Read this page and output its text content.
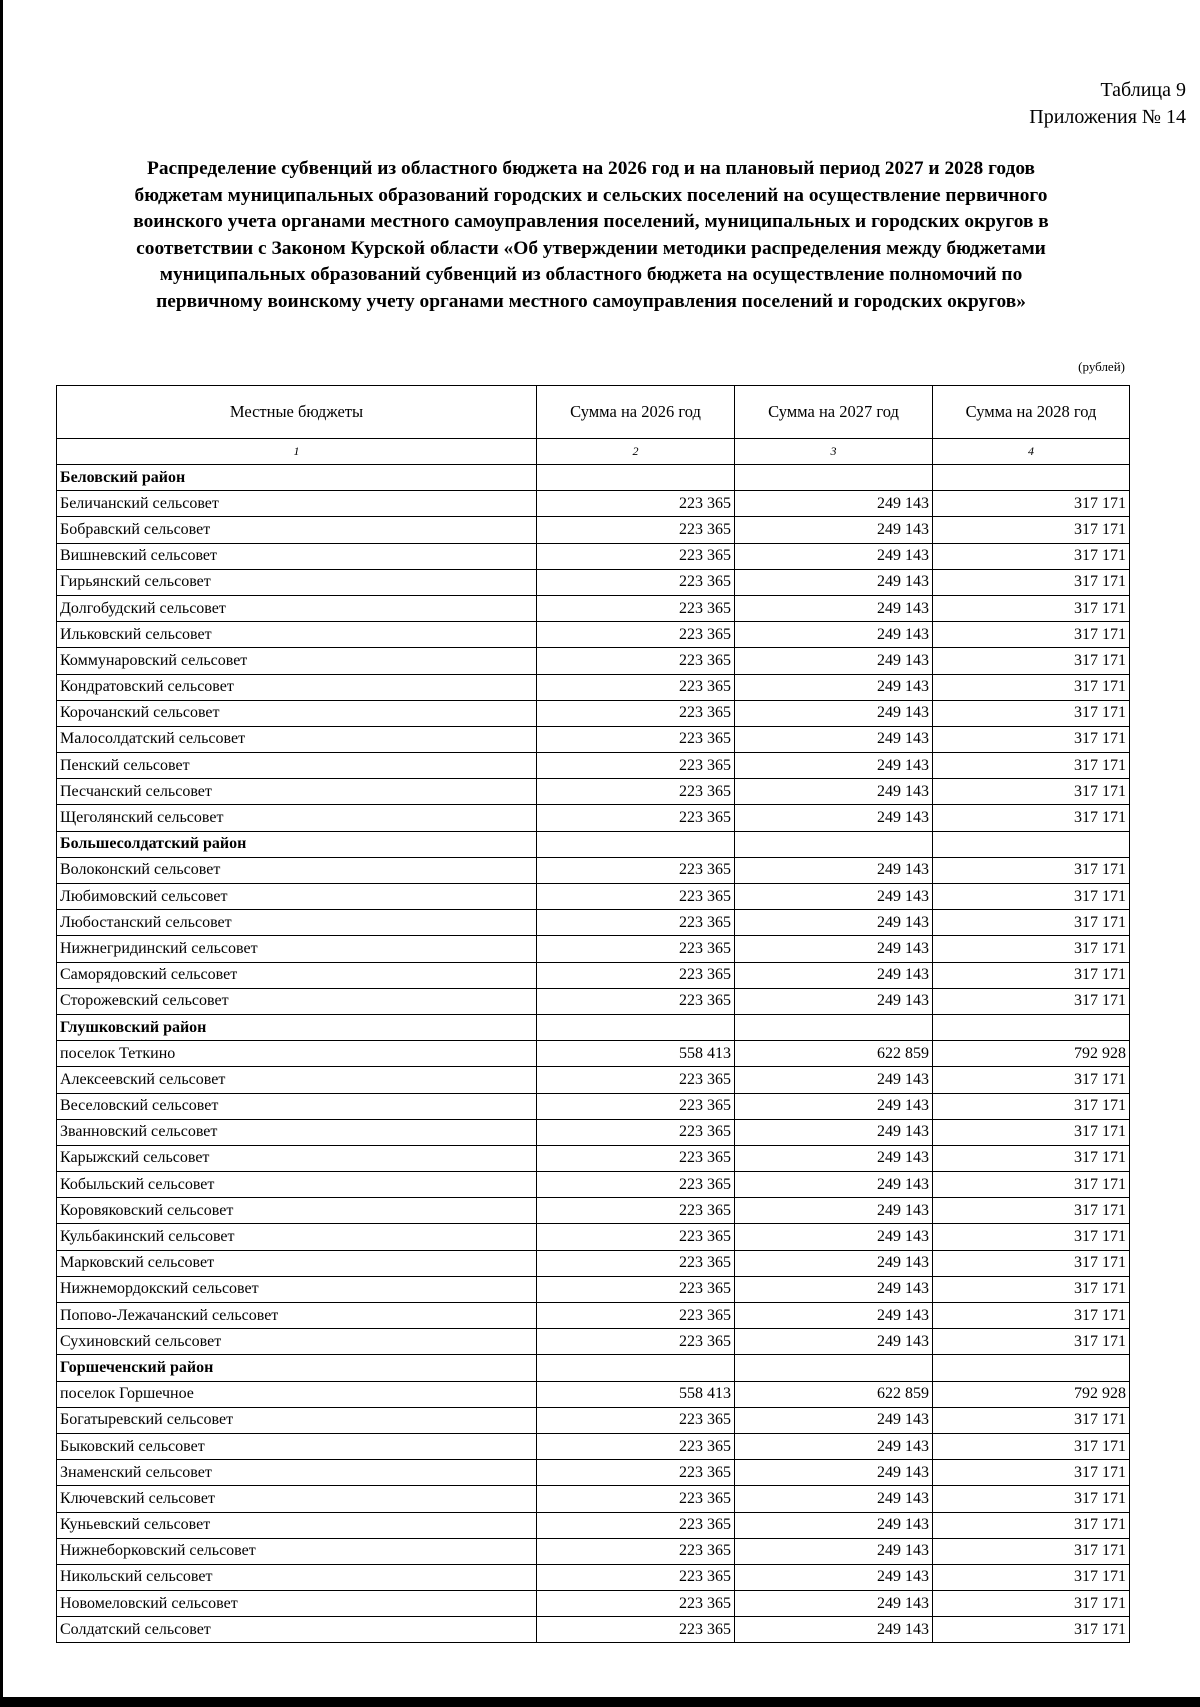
Таблица 9
Приложения № 14
Распределение субвенций из областного бюджета на 2026 год и на плановый период 2027 и 2028 годов
бюджетам муниципальных образований городских и сельских поселений на осуществление первичного
воинского учета органами местного самоуправления поселений, муниципальных и городских округов в
соответствии с Законом Курской области «Об утверждении методики распределения между бюджетами
муниципальных образований субвенций из областного бюджета на осуществление полномочий по
первичному воинскому учету органами местного самоуправления поселений и городских округов»
(рублей)
Местные бюджеты	Сумма на 2026 год	Сумма на 2027 год	Сумма на 2028 год
1	2	3	4
Беловский район			
Беличанский сельсовет	223 365	249 143	317 171
Бобравский сельсовет	223 365	249 143	317 171
Вишневский сельсовет	223 365	249 143	317 171
Гирьянский сельсовет	223 365	249 143	317 171
Долгобудский сельсовет	223 365	249 143	317 171
Ильковский сельсовет	223 365	249 143	317 171
Коммунаровский сельсовет	223 365	249 143	317 171
Кондратовский сельсовет	223 365	249 143	317 171
Корочанский сельсовет	223 365	249 143	317 171
Малосолдатский сельсовет	223 365	249 143	317 171
Пенский сельсовет	223 365	249 143	317 171
Песчанский сельсовет	223 365	249 143	317 171
Щеголянский сельсовет	223 365	249 143	317 171
Большесолдатский район			
Волоконский сельсовет	223 365	249 143	317 171
Любимовский сельсовет	223 365	249 143	317 171
Любостанский сельсовет	223 365	249 143	317 171
Нижнегридинский сельсовет	223 365	249 143	317 171
Саморядовский сельсовет	223 365	249 143	317 171
Сторожевский сельсовет	223 365	249 143	317 171
Глушковский район			
поселок Теткино	558 413	622 859	792 928
Алексеевский сельсовет	223 365	249 143	317 171
Веселовский сельсовет	223 365	249 143	317 171
Званновский сельсовет	223 365	249 143	317 171
Карыжский сельсовет	223 365	249 143	317 171
Кобыльский сельсовет	223 365	249 143	317 171
Коровяковский сельсовет	223 365	249 143	317 171
Кульбакинский сельсовет	223 365	249 143	317 171
Марковский сельсовет	223 365	249 143	317 171
Нижнемордокский сельсовет	223 365	249 143	317 171
Попово-Лежачанский сельсовет	223 365	249 143	317 171
Сухиновский сельсовет	223 365	249 143	317 171
Горшеченский район			
поселок Горшечное	558 413	622 859	792 928
Богатыревский сельсовет	223 365	249 143	317 171
Быковский сельсовет	223 365	249 143	317 171
Знаменский сельсовет	223 365	249 143	317 171
Ключевский сельсовет	223 365	249 143	317 171
Куньевский сельсовет	223 365	249 143	317 171
Нижнеборковский сельсовет	223 365	249 143	317 171
Никольский сельсовет	223 365	249 143	317 171
Новомеловский сельсовет	223 365	249 143	317 171
Солдатский сельсовет	223 365	249 143	317 171
